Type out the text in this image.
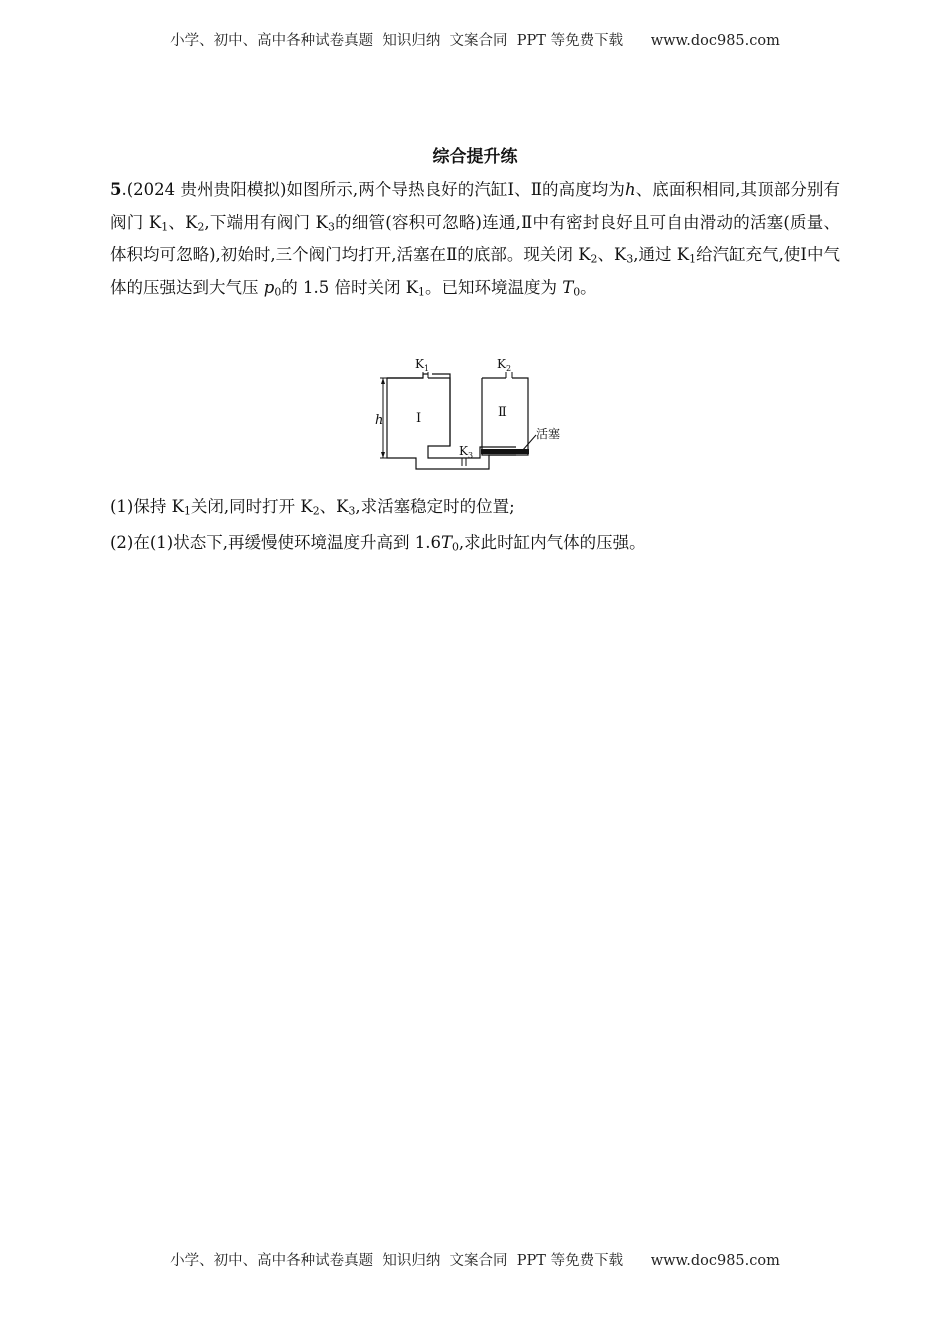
小学、初中、高中各种试卷真题  知识归纳  文案合同  PPT 等免费下载      www.doc985.com
综合提升练
5.(2024 贵州贵阳模拟)如图所示,两个导热良好的汽缸Ⅰ、Ⅱ的高度均为h、底面积相同,其顶部分别有阀门 $K_1$、$K_2$,下端用有阀门 $K_3$的细管(容积可忽略)连通,Ⅱ中有密封良好且可自由滑动的活塞(质量、体积均可忽略),初始时,三个阀门均打开,活塞在Ⅱ的底部。现关闭 $K_2$、$K_3$,通过 $K_1$给汽缸充气,使Ⅰ中气体的压强达到大气压 $p_0$的 1.5 倍时关闭 $K_1$。已知环境温度为 $T_0$。
$K_1$	$K_2$
$K_3$
h	Ⅰ	Ⅱ
活塞
(1)保持 $K_1$关闭,同时打开 $K_2$、$K_3$,求活塞稳定时的位置;
(2)在(1)状态下,再缓慢使环境温度升高到 $1.6T_0$,求此时缸内气体的压强。
小学、初中、高中各种试卷真题  知识归纳  文案合同  PPT 等免费下载      www.doc985.com
